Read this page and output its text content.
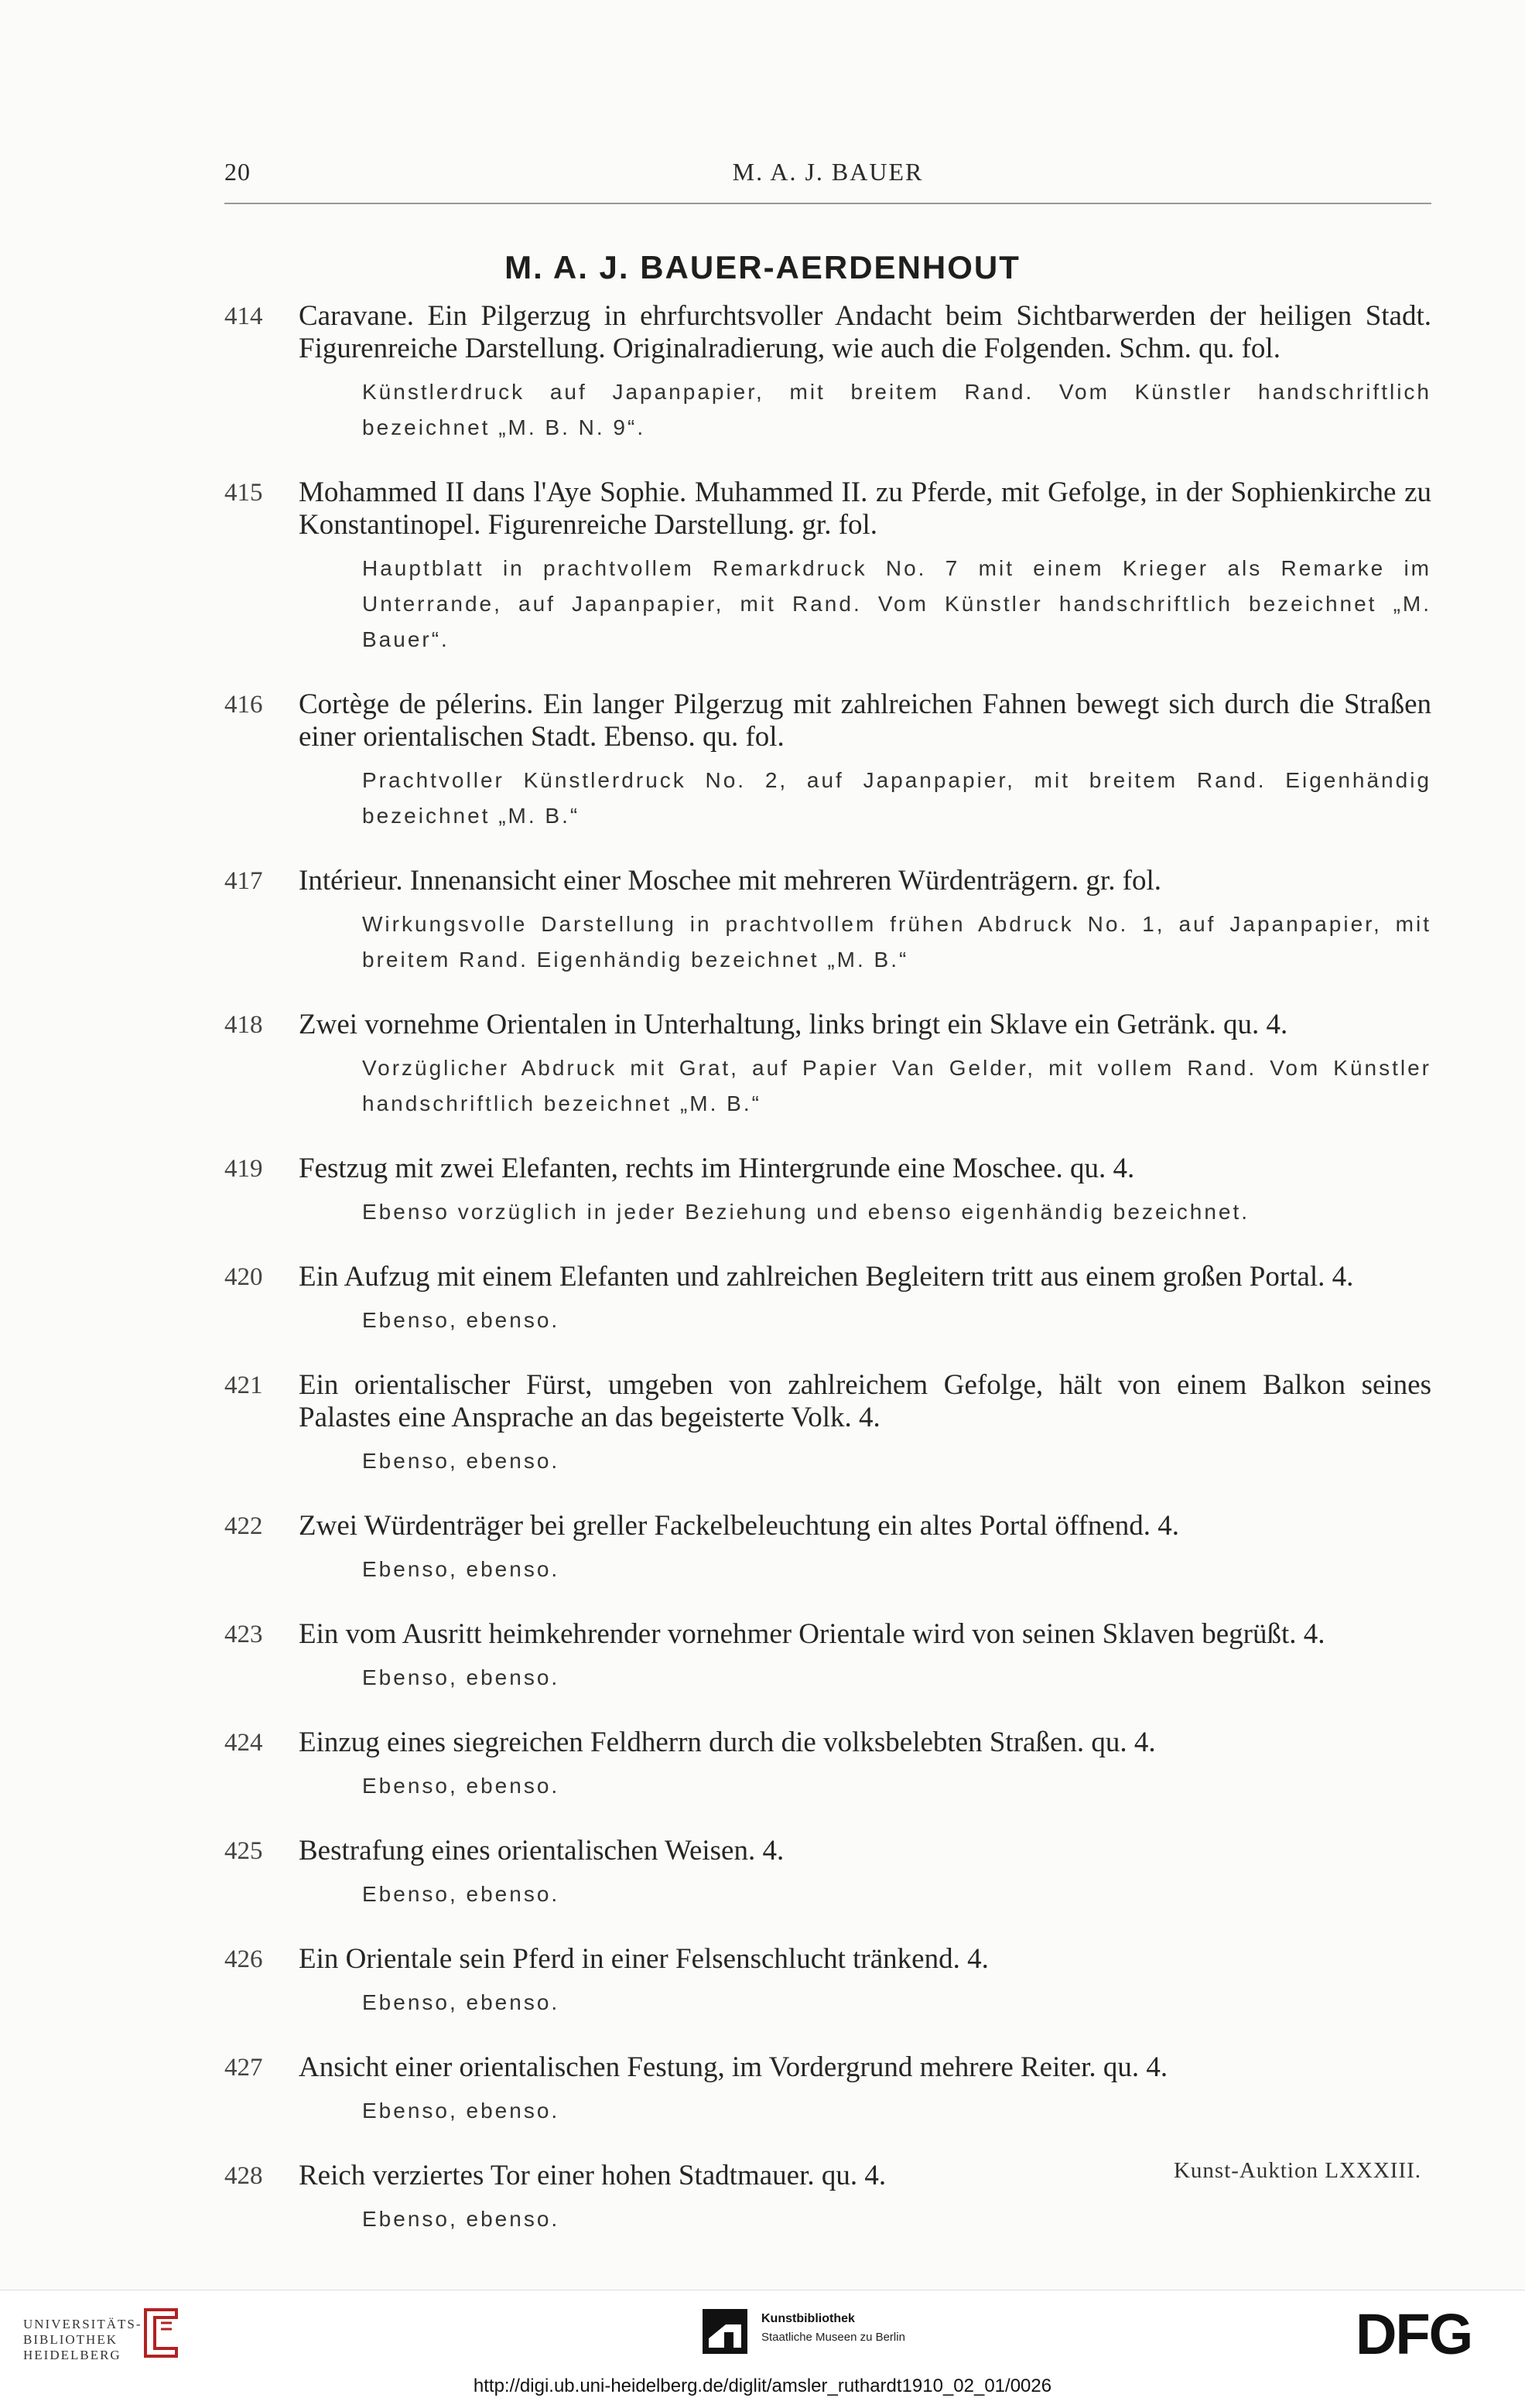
20	M. A. J. BAUER
M. A. J. BAUER-AERDENHOUT
414 Caravane. Ein Pilgerzug in ehrfurchtsvoller Andacht beim Sichtbarwerden der heiligen Stadt. Figurenreiche Darstellung. Originalradierung, wie auch die Folgenden. Schm. qu. fol.
Künstlerdruck auf Japanpapier, mit breitem Rand. Vom Künstler handschriftlich bezeichnet „M. B. N. 9“.
415 Mohammed II dans l'Aye Sophie. Muhammed II. zu Pferde, mit Gefolge, in der Sophienkirche zu Konstantinopel. Figurenreiche Darstellung. gr. fol.
Hauptblatt in prachtvollem Remarkdruck No. 7 mit einem Krieger als Remarke im Unterrande, auf Japanpapier, mit Rand. Vom Künstler handschriftlich bezeichnet „M. Bauer“.
416 Cortège de pélerins. Ein langer Pilgerzug mit zahlreichen Fahnen bewegt sich durch die Straßen einer orientalischen Stadt. Ebenso. qu. fol.
Prachtvoller Künstlerdruck No. 2, auf Japanpapier, mit breitem Rand. Eigenhändig bezeichnet „M. B.“
417 Intérieur. Innenansicht einer Moschee mit mehreren Würdenträgern. gr. fol.
Wirkungsvolle Darstellung in prachtvollem frühen Abdruck No. 1, auf Japanpapier, mit breitem Rand. Eigenhändig bezeichnet „M. B.“
418 Zwei vornehme Orientalen in Unterhaltung, links bringt ein Sklave ein Getränk. qu. 4.
Vorzüglicher Abdruck mit Grat, auf Papier Van Gelder, mit vollem Rand. Vom Künstler handschriftlich bezeichnet „M. B.“
419 Festzug mit zwei Elefanten, rechts im Hintergrunde eine Moschee. qu. 4.
Ebenso vorzüglich in jeder Beziehung und ebenso eigenhändig bezeichnet.
420 Ein Aufzug mit einem Elefanten und zahlreichen Begleitern tritt aus einem großen Portal. 4.
Ebenso, ebenso.
421 Ein orientalischer Fürst, umgeben von zahlreichem Gefolge, hält von einem Balkon seines Palastes eine Ansprache an das begeisterte Volk. 4.
Ebenso, ebenso.
422 Zwei Würdenträger bei greller Fackelbeleuchtung ein altes Portal öffnend. 4.
Ebenso, ebenso.
423 Ein vom Ausritt heimkehrender vornehmer Orientale wird von seinen Sklaven begrüßt. 4.
Ebenso, ebenso.
424 Einzug eines siegreichen Feldherrn durch die volksbelebten Straßen. qu. 4.
Ebenso, ebenso.
425 Bestrafung eines orientalischen Weisen. 4.
Ebenso, ebenso.
426 Ein Orientale sein Pferd in einer Felsenschlucht tränkend. 4.
Ebenso, ebenso.
427 Ansicht einer orientalischen Festung, im Vordergrund mehrere Reiter. qu. 4.
Ebenso, ebenso.
428 Reich verziertes Tor einer hohen Stadtmauer. qu. 4.
Ebenso, ebenso.
Kunst-Auktion LXXXIII.
UNIVERSITÄTS-
BIBLIOTHEK
HEIDELBERG
Kunstbibliothek
Staatliche Museen zu Berlin	DFG
http://digi.ub.uni-heidelberg.de/diglit/amsler_ruthardt1910_02_01/0026
